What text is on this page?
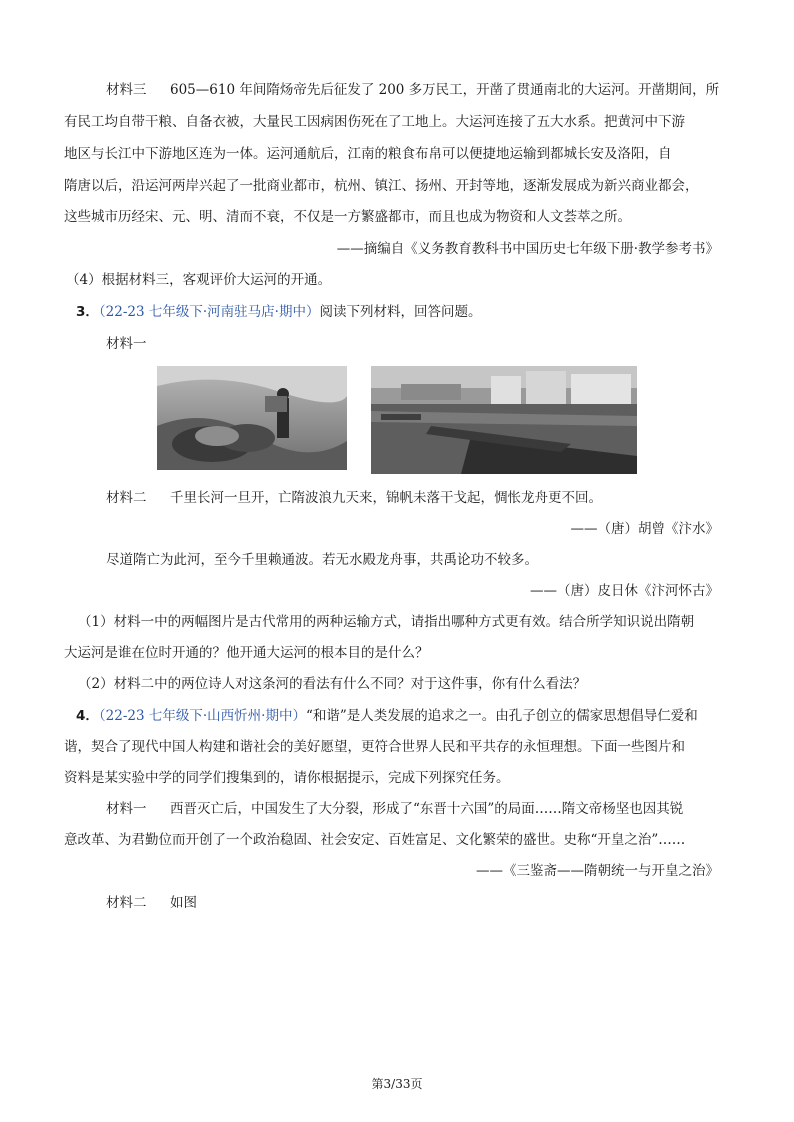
材料三 605—610 年间隋炀帝先后征发了 200 多万民工，开凿了贯通南北的大运河。开凿期间，所
有民工均自带干粮、自备衣被，大量民工因病困伤死在了工地上。大运河连接了五大水系。把黄河中下游
地区与长江中下游地区连为一体。运河通航后，江南的粮食布帛可以便捷地运输到都城长安及洛阳，自
隋唐以后，沿运河两岸兴起了一批商业都市，杭州、镇江、扬州、开封等地，逐渐发展成为新兴商业都会，
这些城市历经宋、元、明、清而不衰，不仅是一方繁盛都市，而且也成为物资和人文荟萃之所。
——摘编自《义务教育教科书中国历史七年级下册·教学参考书》
（4）根据材料三，客观评价大运河的开通。
3．（22-23 七年级下·河南驻马店·期中）阅读下列材料，回答问题。
材料一
材料二 千里长河一旦开，亡隋波浪九天来，锦帆未落干戈起，惆怅龙舟更不回。
——（唐）胡曾《汴水》
尽道隋亡为此河，至今千里赖通波。若无水殿龙舟事，共禹论功不较多。
——（唐）皮日休《汴河怀古》
（1）材料一中的两幅图片是古代常用的两种运输方式，请指出哪种方式更有效。结合所学知识说出隋朝
大运河是谁在位时开通的？他开通大运河的根本目的是什么？
（2）材料二中的两位诗人对这条河的看法有什么不同？对于这件事，你有什么看法？
4．（22-23 七年级下·山西忻州·期中）“和谐”是人类发展的追求之一。由孔子创立的儒家思想倡导仁爱和
谐，契合了现代中国人构建和谐社会的美好愿望，更符合世界人民和平共存的永恒理想。下面一些图片和
资料是某实验中学的同学们搜集到的，请你根据提示，完成下列探究任务。
材料一 西晋灭亡后，中国发生了大分裂，形成了“东晋十六国”的局面……隋文帝杨坚也因其锐
意改革、为君勤位而开创了一个政治稳固、社会安定、百姓富足、文化繁荣的盛世。史称“开皇之治”……
——《三鉴斋——隋朝统一与开皇之治》
材料二 如图
第3/33页
